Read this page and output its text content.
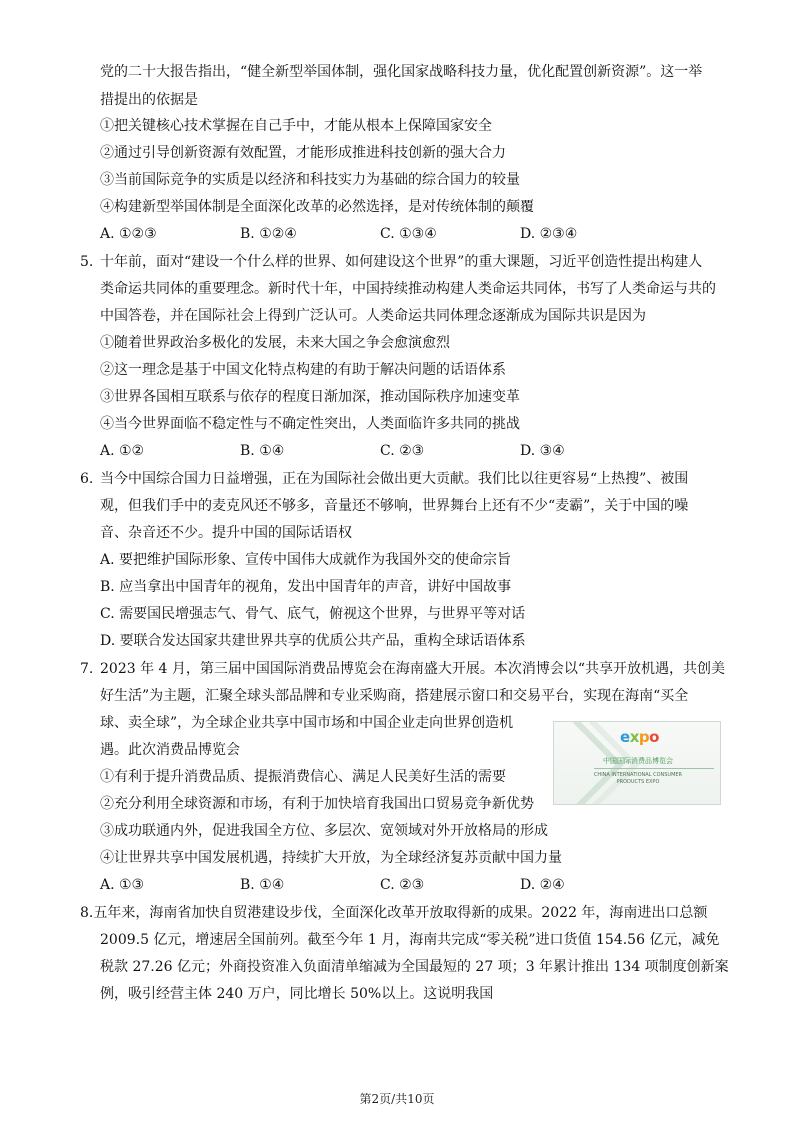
党的二十大报告指出，“健全新型举国体制，强化国家战略科技力量，优化配置创新资源”。这一举
措提出的依据是
①把关键核心技术掌握在自己手中，才能从根本上保障国家安全
②通过引导创新资源有效配置，才能形成推进科技创新的强大合力
③当前国际竞争的实质是以经济和科技实力为基础的综合国力的较量
④构建新型举国体制是全面深化改革的必然选择，是对传统体制的颠覆
A. ①②③	B. ①②④	C. ①③④	D. ②③④
5. 十年前，面对“建设一个什么样的世界、如何建设这个世界”的重大课题，习近平创造性提出构建人
类命运共同体的重要理念。新时代十年，中国持续推动构建人类命运共同体，书写了人类命运与共的
中国答卷，并在国际社会上得到广泛认可。人类命运共同体理念逐渐成为国际共识是因为
①随着世界政治多极化的发展，未来大国之争会愈演愈烈
②这一理念是基于中国文化特点构建的有助于解决问题的话语体系
③世界各国相互联系与依存的程度日渐加深，推动国际秩序加速变革
④当今世界面临不稳定性与不确定性突出，人类面临许多共同的挑战
A. ①②	B. ①④	C. ②③	D. ③④
6. 当今中国综合国力日益增强，正在为国际社会做出更大贡献。我们比以往更容易“上热搜”、被围
观，但我们手中的麦克风还不够多，音量还不够响，世界舞台上还有不少“麦霸”，关于中国的噪
音、杂音还不少。提升中国的国际话语权
A. 要把维护国际形象、宣传中国伟大成就作为我国外交的使命宗旨
B. 应当拿出中国青年的视角，发出中国青年的声音，讲好中国故事
C. 需要国民增强志气、骨气、底气，俯视这个世界，与世界平等对话
D. 要联合发达国家共建世界共享的优质公共产品，重构全球话语体系
7. 2023 年 4 月，第三届中国国际消费品博览会在海南盛大开展。本次消博会以“共享开放机遇，共创美
好生活”为主题，汇聚全球头部品牌和专业采购商，搭建展示窗口和交易平台，实现在海南“买全
球、卖全球”，为全球企业共享中国市场和中国企业走向世界创造机
遇。此次消费品博览会
①有利于提升消费品质、提振消费信心、满足人民美好生活的需要
②充分利用全球资源和市场，有利于加快培育我国出口贸易竞争新优势
③成功联通内外，促进我国全方位、多层次、宽领域对外开放格局的形成
④让世界共享中国发展机遇，持续扩大开放，为全球经济复苏贡献中国力量
A. ①③	B. ①④	C. ②③	D. ②④
expo
中国国际消费品博览会
CHINA INTERNATIONAL CONSUMER
PRODUCTS EXPO
8.五年来，海南省加快自贸港建设步伐，全面深化改革开放取得新的成果。2022 年，海南进出口总额
2009.5 亿元，增速居全国前列。截至今年 1 月，海南共完成“零关税”进口货值 154.56 亿元，减免
税款 27.26 亿元；外商投资准入负面清单缩减为全国最短的 27 项；3 年累计推出 134 项制度创新案
例，吸引经营主体 240 万户，同比增长 50%以上。这说明我国
第2页/共10页
